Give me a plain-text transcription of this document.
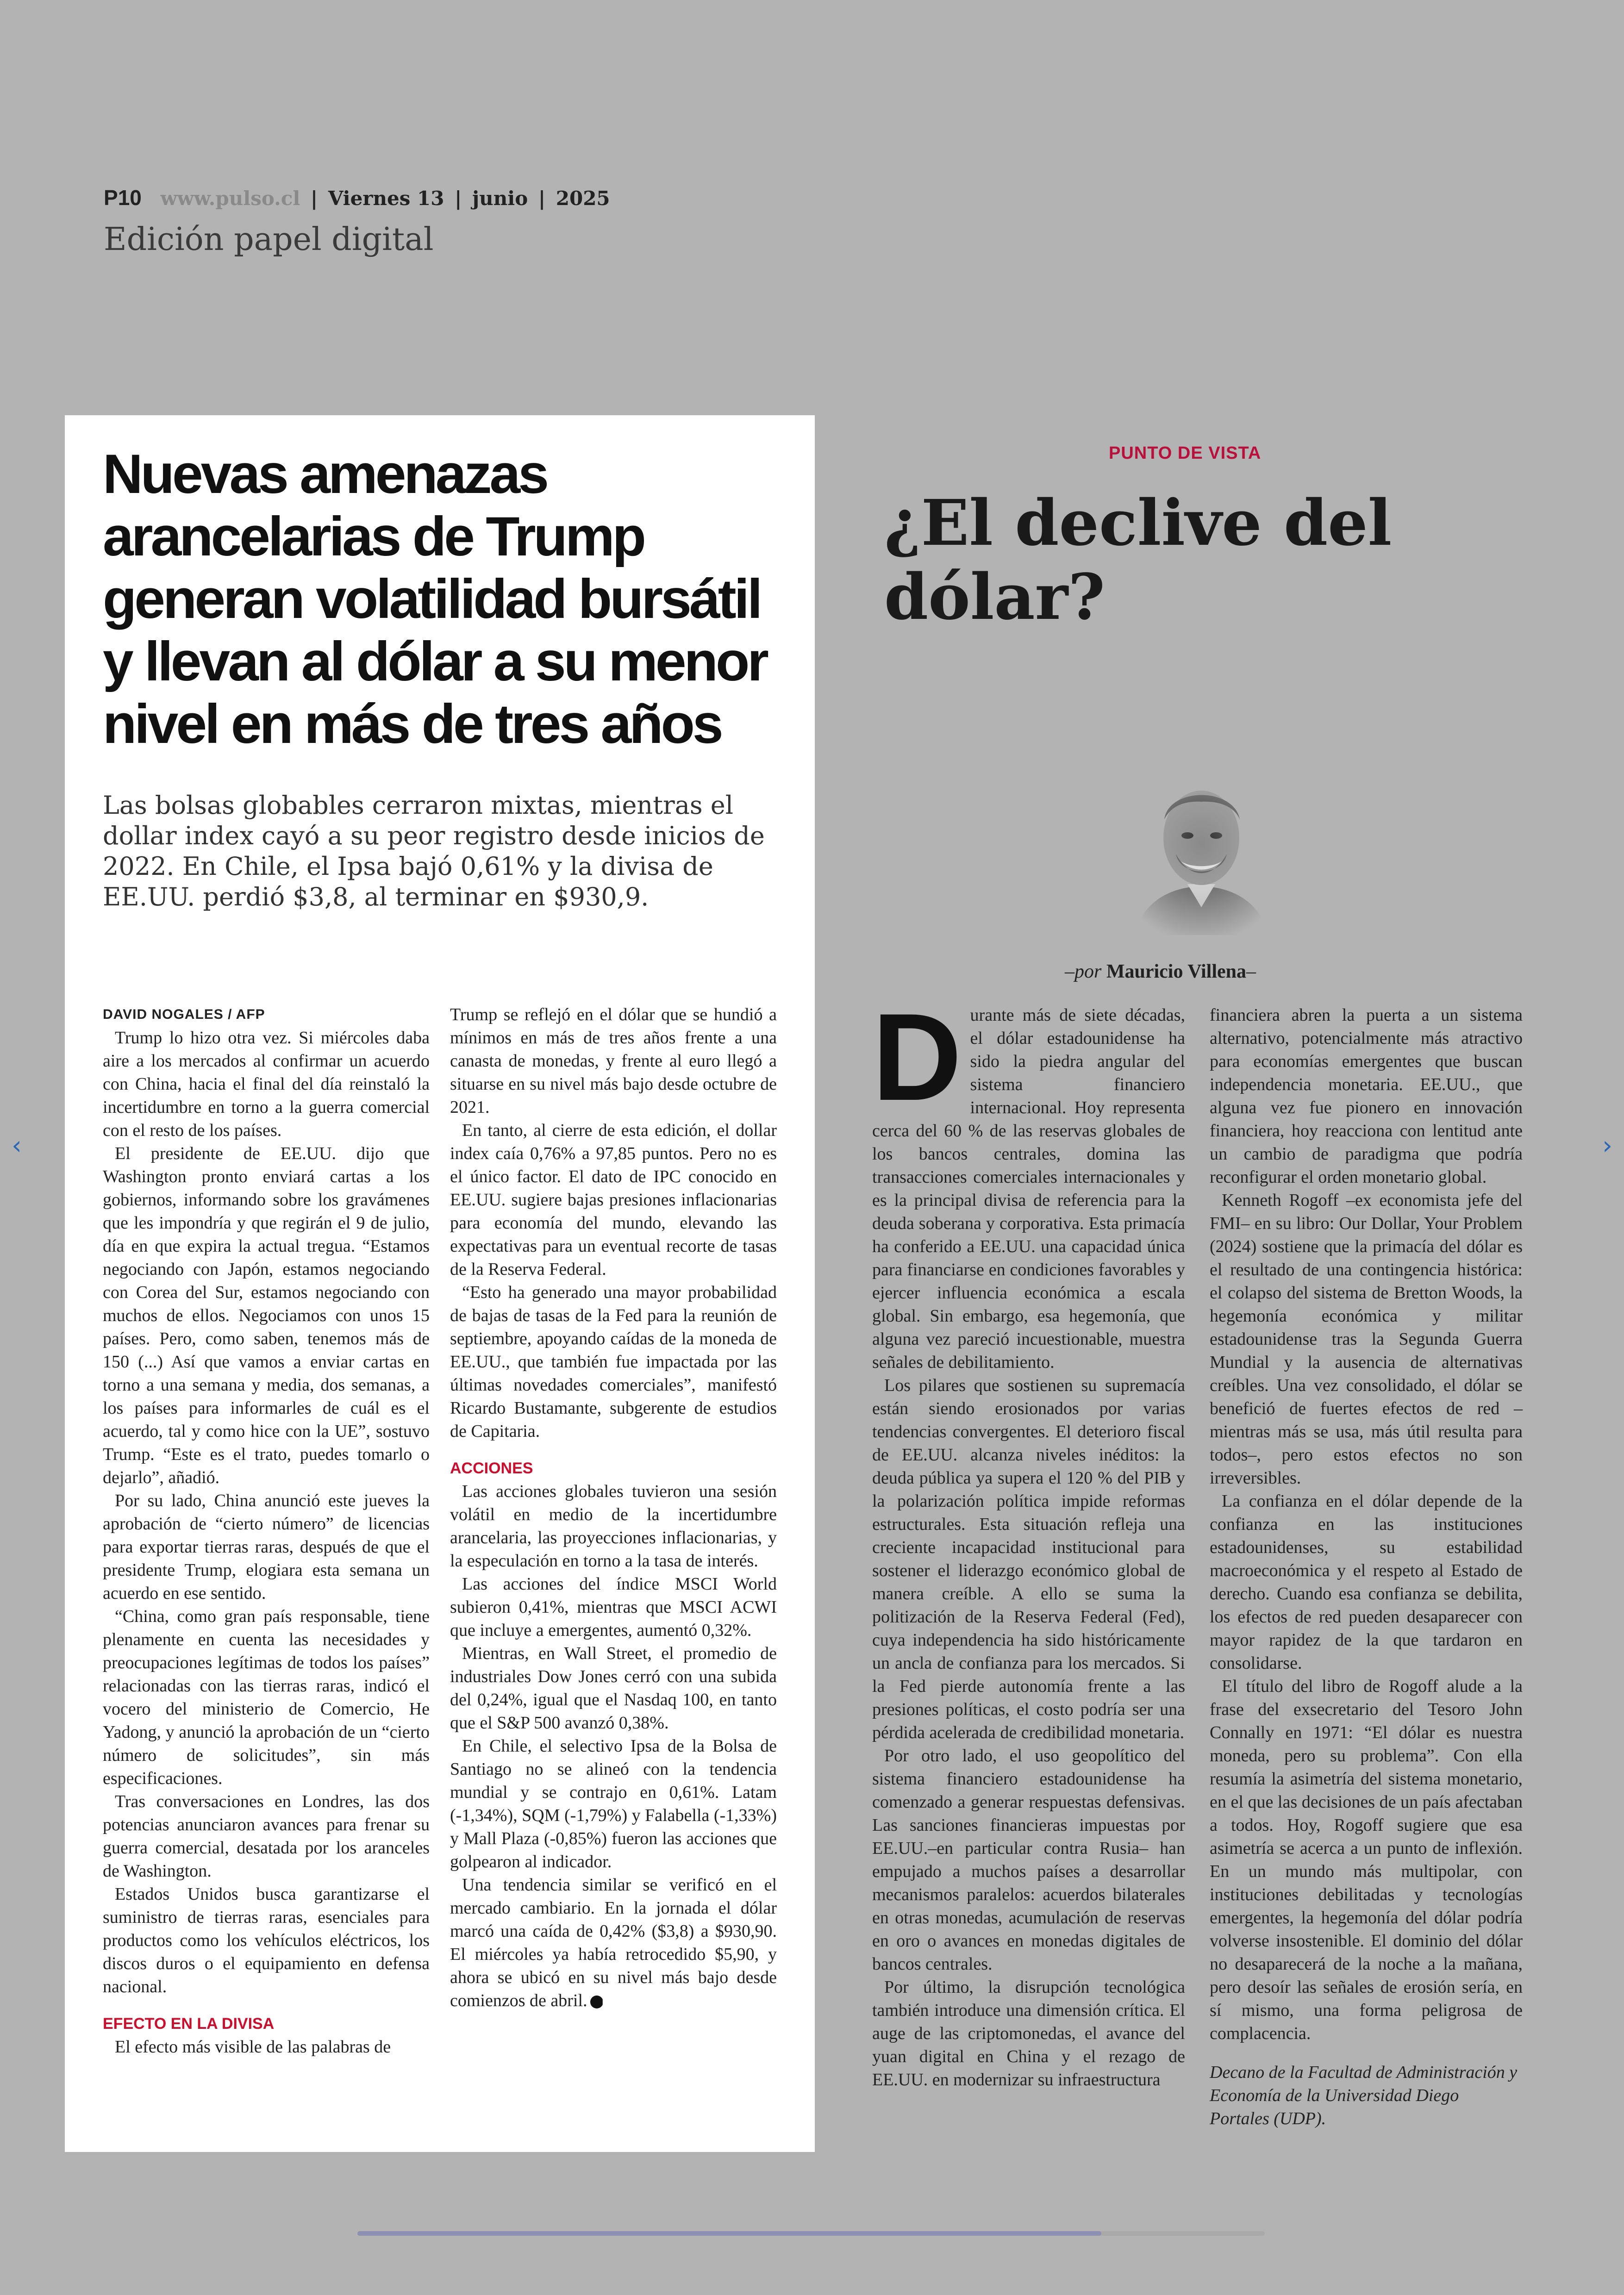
P10 www.pulso.cl | Viernes 13 | junio | 2025
Edición papel digital
Nuevas amenazas arancelarias de Trump generan volatilidad bursátil y llevan al dólar a su menor nivel en más de tres años

Las bolsas globables cerraron mixtas, mientras el dollar index cayó a su peor registro desde inicios de 2022. En Chile, el Ipsa bajó 0,61% y la divisa de EE.UU. perdió $3,8, al terminar en $930,9.

DAVID NOGALES / AFP

Trump lo hizo otra vez. Si miércoles daba aire a los mercados al confirmar un acuerdo con China, hacia el final del día reinstaló la incertidumbre en torno a la guerra comercial con el resto de los países.

El presidente de EE.UU. dijo que Washington pronto enviará cartas a los gobiernos, informando sobre los gravámenes que les impondría y que regirán el 9 de julio, día en que expira la actual tregua. “Estamos negociando con Japón, estamos negociando con Corea del Sur, estamos negociando con muchos de ellos. Negociamos con unos 15 países. Pero, como saben, tenemos más de 150 (...) Así que vamos a enviar cartas en torno a una semana y media, dos semanas, a los países para informarles de cuál es el acuerdo, tal y como hice con la UE”, sostuvo Trump. “Este es el trato, puedes tomarlo o dejarlo”, añadió.

Por su lado, China anunció este jueves la aprobación de “cierto número” de licencias para exportar tierras raras, después de que el presidente Trump, elogiara esta semana un acuerdo en ese sentido.

“China, como gran país responsable, tiene plenamente en cuenta las necesidades y preocupaciones legítimas de todos los países” relacionadas con las tierras raras, indicó el vocero del ministerio de Comercio, He Yadong, y anunció la aprobación de un “cierto número de solicitudes”, sin más especificaciones.

Tras conversaciones en Londres, las dos potencias anunciaron avances para frenar su guerra comercial, desatada por los aranceles de Washington.

Estados Unidos busca garantizarse el suministro de tierras raras, esenciales para productos como los vehículos eléctricos, los discos duros o el equipamiento en defensa nacional.

EFECTO EN LA DIVISA

El efecto más visible de las palabras de

Trump se reflejó en el dólar que se hundió a mínimos en más de tres años frente a una canasta de monedas, y frente al euro llegó a situarse en su nivel más bajo desde octubre de 2021.

En tanto, al cierre de esta edición, el dollar index caía 0,76% a 97,85 puntos. Pero no es el único factor. El dato de IPC conocido en EE.UU. sugiere bajas presiones inflacionarias para economía del mundo, elevando las expectativas para un eventual recorte de tasas de la Reserva Federal.

“Esto ha generado una mayor probabilidad de bajas de tasas de la Fed para la reunión de septiembre, apoyando caídas de la moneda de EE.UU., que también fue impactada por las últimas novedades comerciales”, manifestó Ricardo Bustamante, subgerente de estudios de Capitaria.

ACCIONES

Las acciones globales tuvieron una sesión volátil en medio de la incertidumbre arancelaria, las proyecciones inflacionarias, y la especulación en torno a la tasa de interés.

Las acciones del índice MSCI World subieron 0,41%, mientras que MSCI ACWI que incluye a emergentes, aumentó 0,32%.

Mientras, en Wall Street, el promedio de industriales Dow Jones cerró con una subida del 0,24%, igual que el Nasdaq 100, en tanto que el S&P 500 avanzó 0,38%.

En Chile, el selectivo Ipsa de la Bolsa de Santiago no se alineó con la tendencia mundial y se contrajo en 0,61%. Latam (-1,34%), SQM (-1,79%) y Falabella (-1,33%) y Mall Plaza (-0,85%) fueron las acciones que golpearon al indicador.

Una tendencia similar se verificó en el mercado cambiario. En la jornada el dólar marcó una caída de 0,42% ($3,8) a $930,90. El miércoles ya había retrocedido $5,90, y ahora se ubicó en su nivel más bajo desde comienzos de abril. P

PUNTO DE VISTA
¿El declive del dólar?
–por Mauricio Villena–

Durante más de siete décadas, el dólar estadounidense ha sido la piedra angular del sistema financiero internacional. Hoy representa cerca del 60 % de las reservas globales de los bancos centrales, domina las transacciones comerciales internacionales y es la principal divisa de referencia para la deuda soberana y corporativa. Esta primacía ha conferido a EE.UU. una capacidad única para financiarse en condiciones favorables y ejercer influencia económica a escala global. Sin embargo, esa hegemonía, que alguna vez pareció incuestionable, muestra señales de debilitamiento.

Los pilares que sostienen su supremacía están siendo erosionados por varias tendencias convergentes. El deterioro fiscal de EE.UU. alcanza niveles inéditos: la deuda pública ya supera el 120 % del PIB y la polarización política impide reformas estructurales. Esta situación refleja una creciente incapacidad institucional para sostener el liderazgo económico global de manera creíble. A ello se suma la politización de la Reserva Federal (Fed), cuya independencia ha sido históricamente un ancla de confianza para los mercados. Si la Fed pierde autonomía frente a las presiones políticas, el costo podría ser una pérdida acelerada de credibilidad monetaria.

Por otro lado, el uso geopolítico del sistema financiero estadounidense ha comenzado a generar respuestas defensivas. Las sanciones financieras impuestas por EE.UU.–en particular contra Rusia– han empujado a muchos países a desarrollar mecanismos paralelos: acuerdos bilaterales en otras monedas, acumulación de reservas en oro o avances en monedas digitales de bancos centrales.

Por último, la disrupción tecnológica también introduce una dimensión crítica. El auge de las criptomonedas, el avance del yuan digital en China y el rezago de EE.UU. en modernizar su infraestructura

financiera abren la puerta a un sistema alternativo, potencialmente más atractivo para economías emergentes que buscan independencia monetaria. EE.UU., que alguna vez fue pionero en innovación financiera, hoy reacciona con lentitud ante un cambio de paradigma que podría reconfigurar el orden monetario global.

Kenneth Rogoff –ex economista jefe del FMI– en su libro: Our Dollar, Your Problem (2024) sostiene que la primacía del dólar es el resultado de una contingencia histórica: el colapso del sistema de Bretton Woods, la hegemonía económica y militar estadounidense tras la Segunda Guerra Mundial y la ausencia de alternativas creíbles. Una vez consolidado, el dólar se benefició de fuertes efectos de red –mientras más se usa, más útil resulta para todos–, pero estos efectos no son irreversibles.

La confianza en el dólar depende de la confianza en las instituciones estadounidenses, su estabilidad macroeconómica y el respeto al Estado de derecho. Cuando esa confianza se debilita, los efectos de red pueden desaparecer con mayor rapidez de la que tardaron en consolidarse.

El título del libro de Rogoff alude a la frase del exsecretario del Tesoro John Connally en 1971: “El dólar es nuestra moneda, pero su problema”. Con ella resumía la asimetría del sistema monetario, en el que las decisiones de un país afectaban a todos. Hoy, Rogoff sugiere que esa asimetría se acerca a un punto de inflexión. En un mundo más multipolar, con instituciones debilitadas y tecnologías emergentes, la hegemonía del dólar podría volverse insostenible. El dominio del dólar no desaparecerá de la noche a la mañana, pero desoír las señales de erosión sería, en sí mismo, una forma peligrosa de complacencia.

Decano de la Facultad de Administración y Economía de la Universidad Diego Portales (UDP).

‹	›
